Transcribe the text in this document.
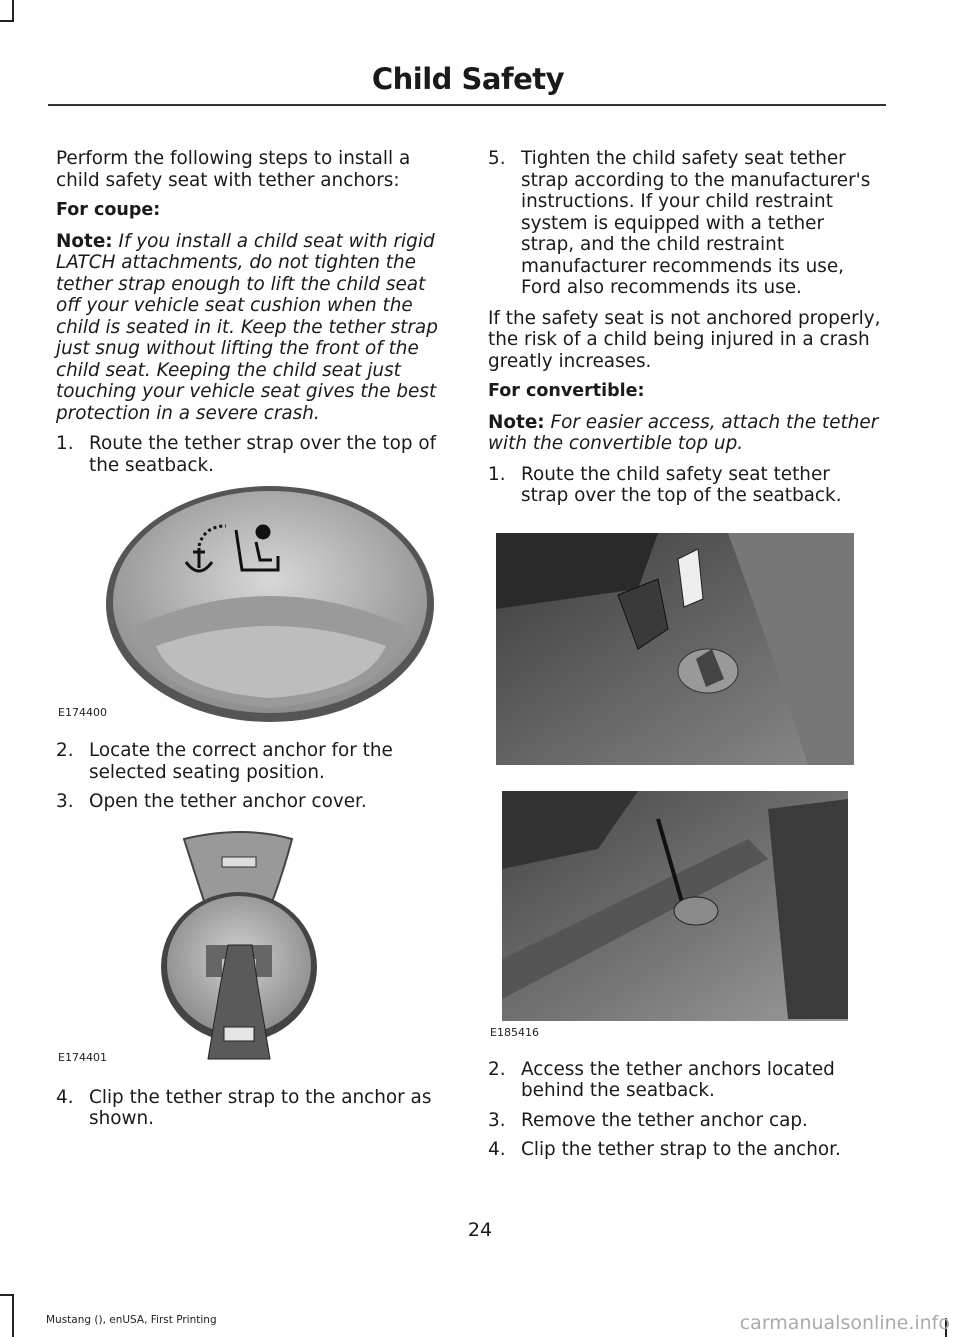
Child Safety

Perform the following steps to install a child safety seat with tether anchors:

For coupe:

Note: If you install a child seat with rigid LATCH attachments, do not tighten the tether strap enough to lift the child seat off your vehicle seat cushion when the child is seated in it. Keep the tether strap just snug without lifting the front of the child seat. Keeping the child seat just touching your vehicle seat gives the best protection in a severe crash.

1. Route the tether strap over the top of the seatback.
E174400
2. Locate the correct anchor for the selected seating position.
3. Open the tether anchor cover.
E174401
4. Clip the tether strap to the anchor as shown.
5. Tighten the child safety seat tether strap according to the manufacturer's instructions. If your child restraint system is equipped with a tether strap, and the child restraint manufacturer recommends its use, Ford also recommends its use.

If the safety seat is not anchored properly, the risk of a child being injured in a crash greatly increases.

For convertible:

Note: For easier access, attach the tether with the convertible top up.

1. Route the child safety seat tether strap over the top of the seatback.
E185416
2. Access the tether anchors located behind the seatback.
3. Remove the tether anchor cap.
4. Clip the tether strap to the anchor.
24
Mustang (), enUSA, First Printing	carmanualsonline.info
